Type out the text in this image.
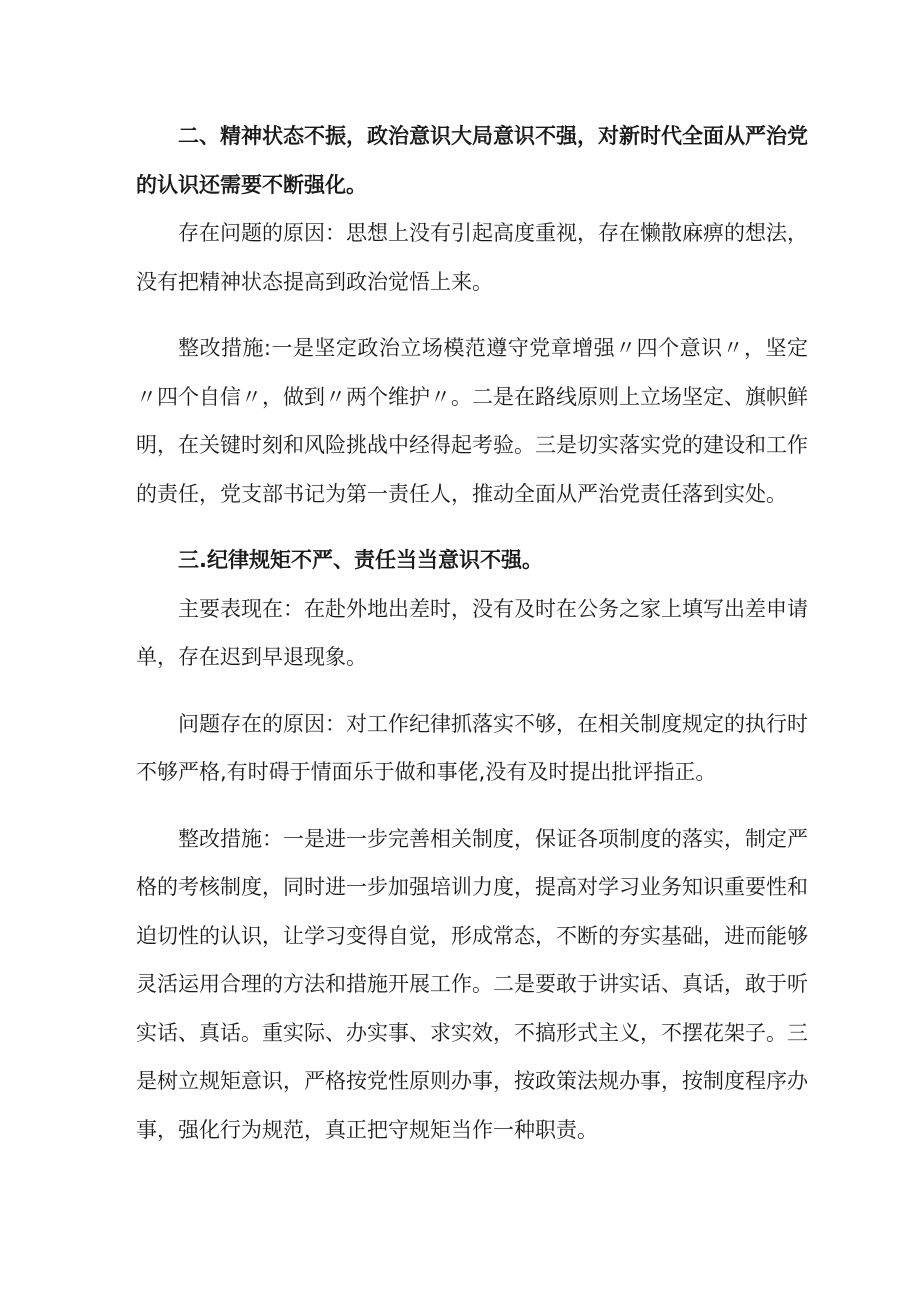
二、精神状态不振，政治意识大局意识不强，对新时代全面从严治党的认识还需要不断强化。

存在问题的原因：思想上没有引起高度重视，存在懒散麻痹的想法，没有把精神状态提高到政治觉悟上来。

整改措施:一是坚定政治立场模范遵守党章增强〃四个意识〃，坚定〃四个自信〃，做到〃两个维护〃。二是在路线原则上立场坚定、旗帜鲜明，在关键时刻和风险挑战中经得起考验。三是切实落实党的建设和工作的责任，党支部书记为第一责任人，推动全面从严治党责任落到实处。

三.纪律规矩不严、责任当当意识不强。

主要表现在：在赴外地出差时，没有及时在公务之家上填写出差申请单，存在迟到早退现象。

问题存在的原因：对工作纪律抓落实不够，在相关制度规定的执行时不够严格,有时碍于情面乐于做和事佬,没有及时提出批评指正。

整改措施：一是进一步完善相关制度，保证各项制度的落实，制定严格的考核制度，同时进一步加强培训力度，提高对学习业务知识重要性和迫切性的认识，让学习变得自觉，形成常态，不断的夯实基础，进而能够灵活运用合理的方法和措施开展工作。二是要敢于讲实话、真话，敢于听实话、真话。重实际、办实事、求实效，不搞形式主义，不摆花架子。三是树立规矩意识，严格按党性原则办事，按政策法规办事，按制度程序办事，强化行为规范，真正把守规矩当作一种职责。
